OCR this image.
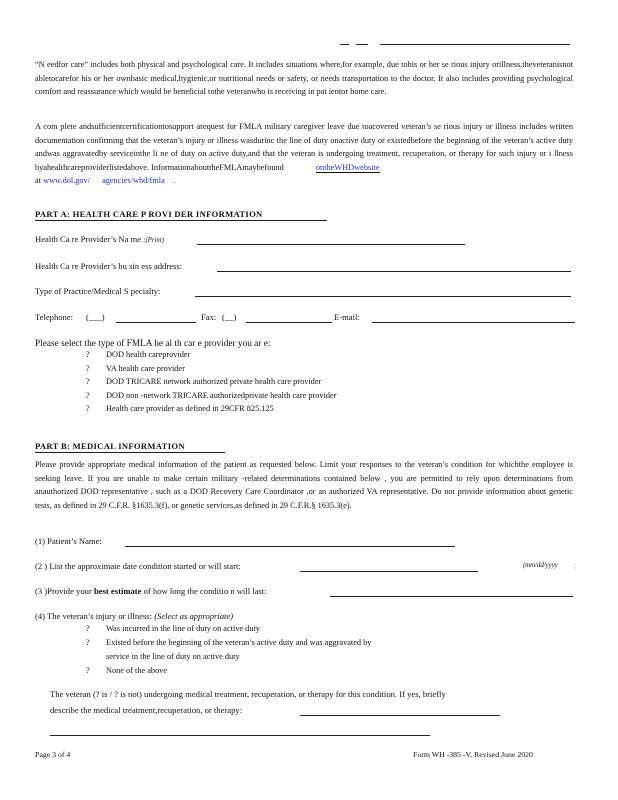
“N eedfor care” includes both physical and psychological care. It includes situations where,for example, due tohis or her se rious injury orillness,theveteranisnot abletocarefor his or her ownbasic medical,hygienic,or nutritional needs or safety, or needs transportation to the doctor. It also includes providing psychological comfort and reassurance which would be beneficial tothe veteranwho is receiving in pat ientor home care.
A com plete andsufficientcertificationtosupport arequest for FMLA military caregiver leave due toacovered veteran’s se rious injury or illness includes written documentation confirming that the veteran’s injury or illness wasdurinc the line of duty onactive duty or existedbefore the beginning of the veteran’s active duty andwas aggravatedby serviceinthe li ne of duty on active duty,and that the veteran is undergoing treatment, recuperation, or therapy for such injury or i llness byahealthcareproviderlistedabove. InformationabouttheFMLAmaybefound	ontheWHDwebsite
at www.dol.gov/ agencies/whd/fmla .
PART A: HEALTH CARE P ROVI DER INFORMATION
Health Ca re Provider’s Na me :(Print)
Health Ca re Provider’s bu sin ess address:
Type of Practice/Medical S pecialty:
Telephone: (___)	Fax: (__)	E-mail:
Please select the type of FMLA he al th car e provider you ar e:
? DOD health careprovider
? VA health care provider
? DOD TRICARE network authorized private health care provider
? DOD non -network TRICARE authorizedprivate health care provider
? Health care provider as defined in 29CFR 825.125
PART B: MEDICAL INFORMATION
Please provide appropriate medical information of the patient as requested below. Limit your responses to the veteran’s condition for whichthe employee is seeking leave. If you are unable to make certain military -related determinations contained below , you are permitted to rely upon determinations from anauthorized DOD representative , such as a DOD Recovery Care Coordinator ,or an authorized VA representative. Do not provide information about genetic tests, as defined in 29 C.F.R. §1635.3(f), or genetic services,as defined in 29 C.F.R.§ 1635.3(e).
(1) Patient’s Name:
(2 ) List the approximate date condition started or will start:	(mm/dd/yyyy ;
(3 )Provide your best estimate of how long the conditio n will last:
(4) The veteran’s injury or illness: (Select as appropriate)
? Was incurred in the line of duty on active duty
? Existed before the beginning of the veteran’s active duty and was aggravated by
service in the line of duty on active duty
? None of the above
The veteran (? is / ? is not) undergoing medical treatment, recuperation, or therapy for this condition. If yes, briefly
describe the medical treatment,recuperation, or therapy:
Page 3 of 4	Form WH -385 -V, Revised June 2020
